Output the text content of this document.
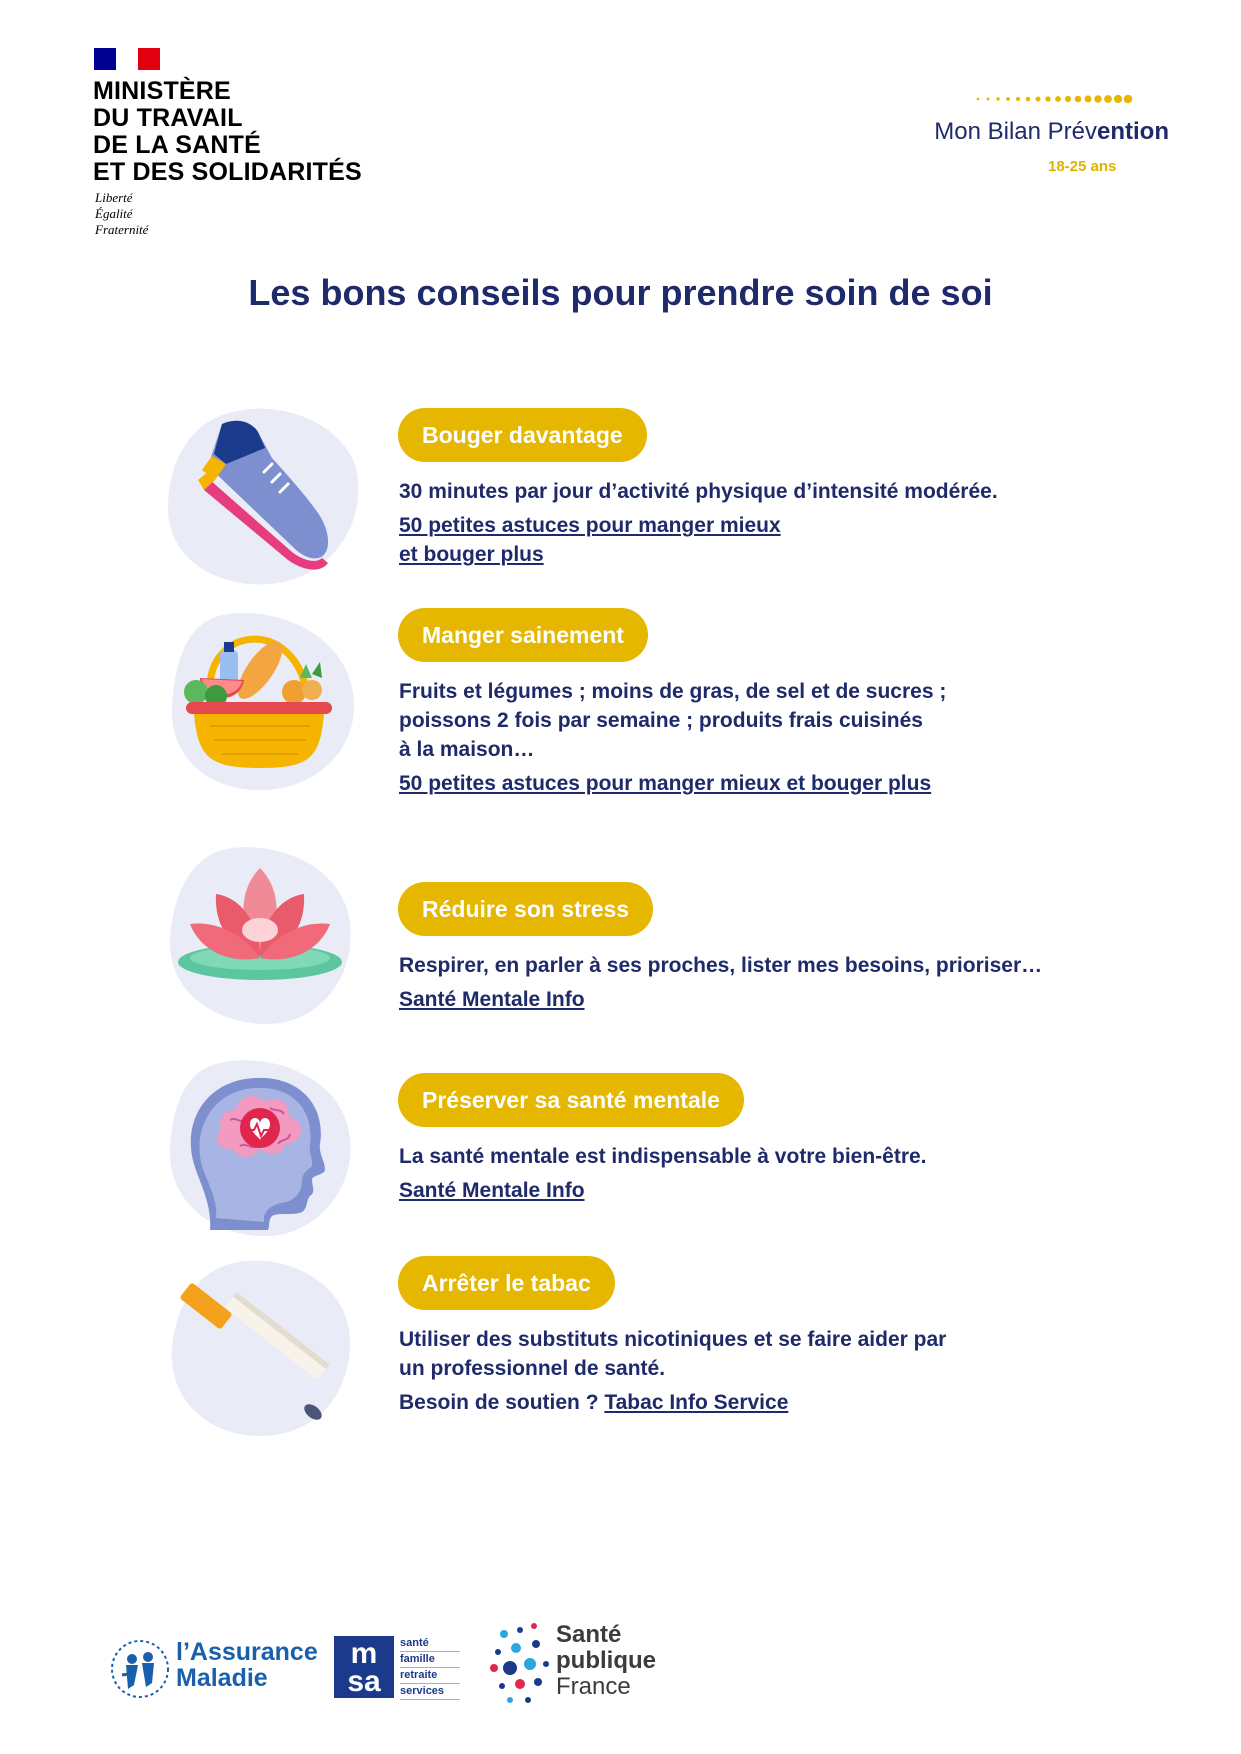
MINISTÈRE
DU TRAVAIL
DE LA SANTÉ
ET DES SOLIDARITÉS
Liberté
Égalité
Fraternité
Mon Bilan Prévention
18-25 ans
Les bons conseils pour prendre soin de soi
Bouger davantage
30 minutes par jour d’activité physique d’intensité modérée.
50 petites astuces pour manger mieux
et bouger plus
Manger sainement
Fruits et légumes ; moins de gras, de sel et de sucres ;
poissons 2 fois par semaine ; produits frais cuisinés
à la maison…
50 petites astuces pour manger mieux et bouger plus
Réduire son stress
Respirer, en parler à ses proches, lister mes besoins, prioriser…
Santé Mentale Info
Préserver sa santé mentale
La santé mentale est indispensable à votre bien-être.
Santé Mentale Info
Arrêter le tabac
Utiliser des substituts nicotiniques et se faire aider par
un professionnel de santé.
Besoin de soutien ? Tabac Info Service
l’Assurance
Maladie
m
sa
santé
famille
retraite
services
Santé
publique
France
